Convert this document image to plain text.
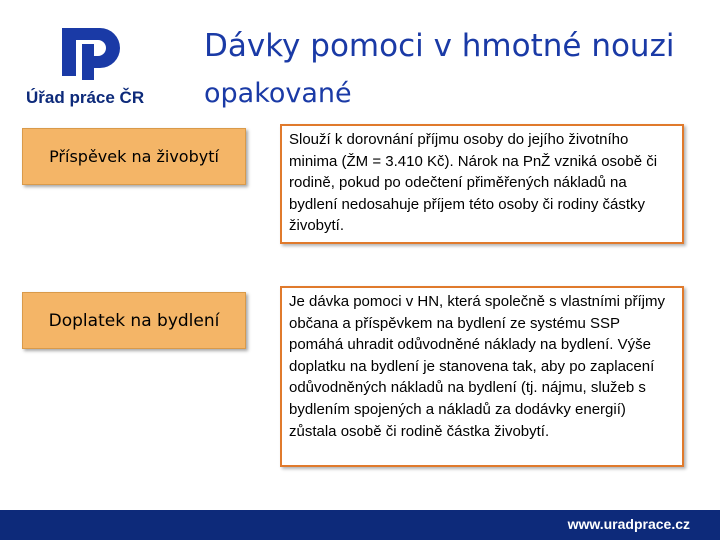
Úřad práce ČR
Dávky pomoci v hmotné nouzi
opakované
Příspěvek na živobytí
Slouží k dorovnání příjmu osoby do jejího životního minima (ŽM = 3.410 Kč). Nárok na PnŽ vzniká osobě či rodině, pokud po odečtení přiměřených nákladů na bydlení nedosahuje příjem této osoby či rodiny částky živobytí.
Doplatek na bydlení
Je dávka pomoci v HN, která společně s vlastními příjmy občana a příspěvkem na bydlení ze systému SSP pomáhá uhradit odůvodněné náklady na bydlení. Výše doplatku na bydlení je stanovena tak, aby po zaplacení odůvodněných nákladů na bydlení (tj. nájmu, služeb s bydlením spojených a nákladů za dodávky energií) zůstala osobě či rodině částka živobytí.
www.uradprace.cz
